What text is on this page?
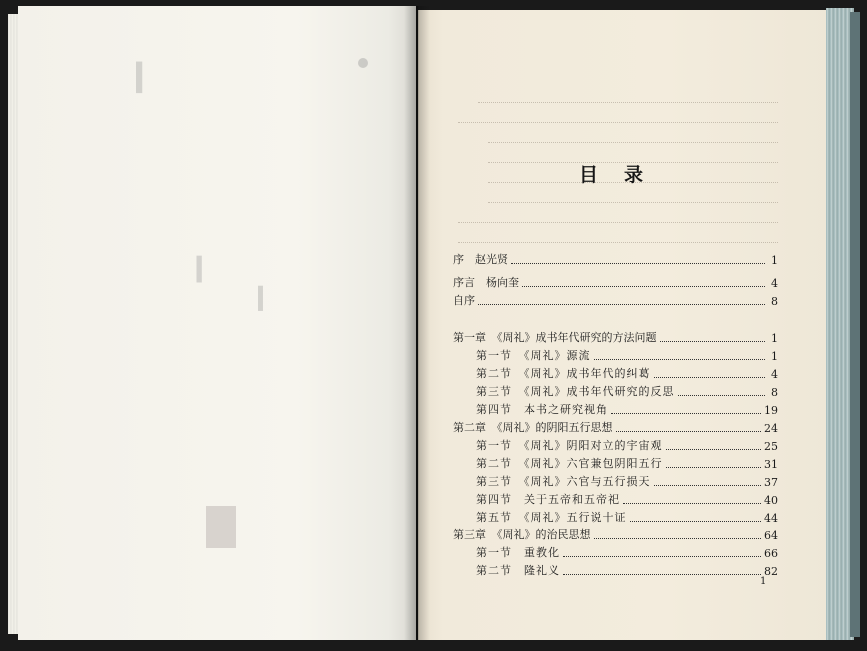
▁
▁
▁
目录
序　赵光贤	1
序言　杨向奎	4
自序	8
第一章　《周礼》成书年代研究的方法问题	1
第一节　《周礼》源流	1
第二节　《周礼》成书年代的纠葛	4
第三节　《周礼》成书年代研究的反思	8
第四节　本书之研究视角	19
第二章　《周礼》的阴阳五行思想	24
第一节　《周礼》阴阳对立的宇宙观	25
第二节　《周礼》六官兼包阴阳五行	31
第三节　《周礼》六官与五行损天	37
第四节　关于五帝和五帝祀	40
第五节　《周礼》五行说十证	44
第三章　《周礼》的治民思想	64
第一节　重教化	66
第二节　隆礼义	82
1
